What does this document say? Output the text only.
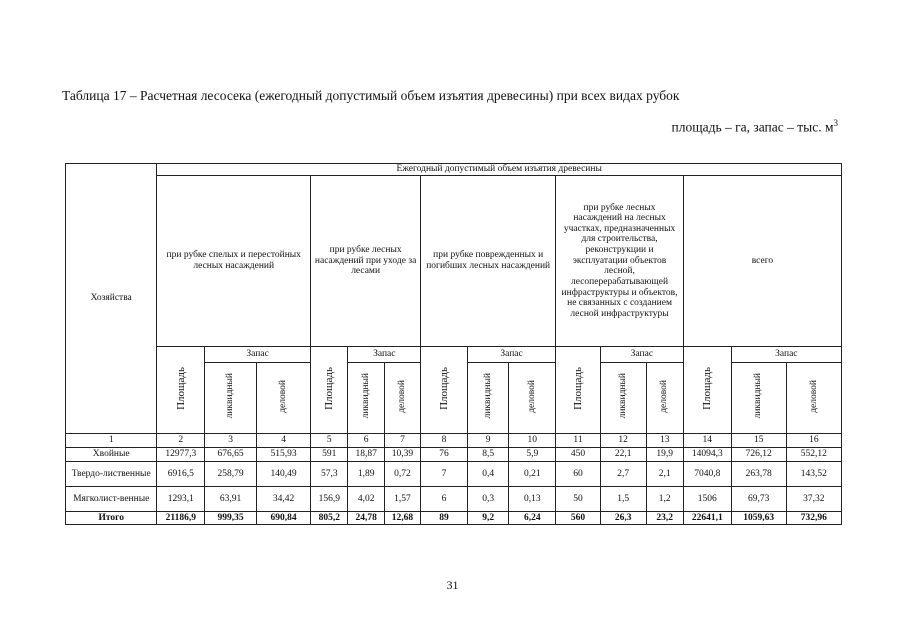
Таблица 17 – Расчетная лесосека (ежегодный допустимый объем изъятия древесины) при всех видах рубок
площадь – га, запас – тыс. $м^3$
Хозяйства	Ежегодный допустимый объем изъятия древесины														
	при рубке спелых и перестойных лесных насаждений			при рубке лесных насаждений при уходе за лесами			при рубке поврежденных и погибших лесных насаждений			при рубке лесных насаждений на лесных участках, предназначенных для строительства, реконструкции и эксплуатации объектов лесной, лесоперерабатывающей инфраструктуры и объектов, не связанных с созданием лесной инфраструктуры			всего		
	Площадь	Запас		Площадь	Запас		Площадь	Запас		Площадь	Запас		Площадь	Запас	
		ликвидный	деловой		ликвидный	деловой		ликвидный	деловой		ликвидный	деловой		ликвидный	деловой
1	2	3	4	5	6	7	8	9	10	11	12	13	14	15	16
Хвойные	12977,3	676,65	515,93	591	18,87	10,39	76	8,5	5,9	450	22,1	19,9	14094,3	726,12	552,12
Твердо-лиственные	6916,5	258,79	140,49	57,3	1,89	0,72	7	0,4	0,21	60	2,7	2,1	7040,8	263,78	143,52
Мягколист-венные	1293,1	63,91	34,42	156,9	4,02	1,57	6	0,3	0,13	50	1,5	1,2	1506	69,73	37,32
Итого	21186,9	999,35	690,84	805,2	24,78	12,68	89	9,2	6,24	560	26,3	23,2	22641,1	1059,63	732,96
31
